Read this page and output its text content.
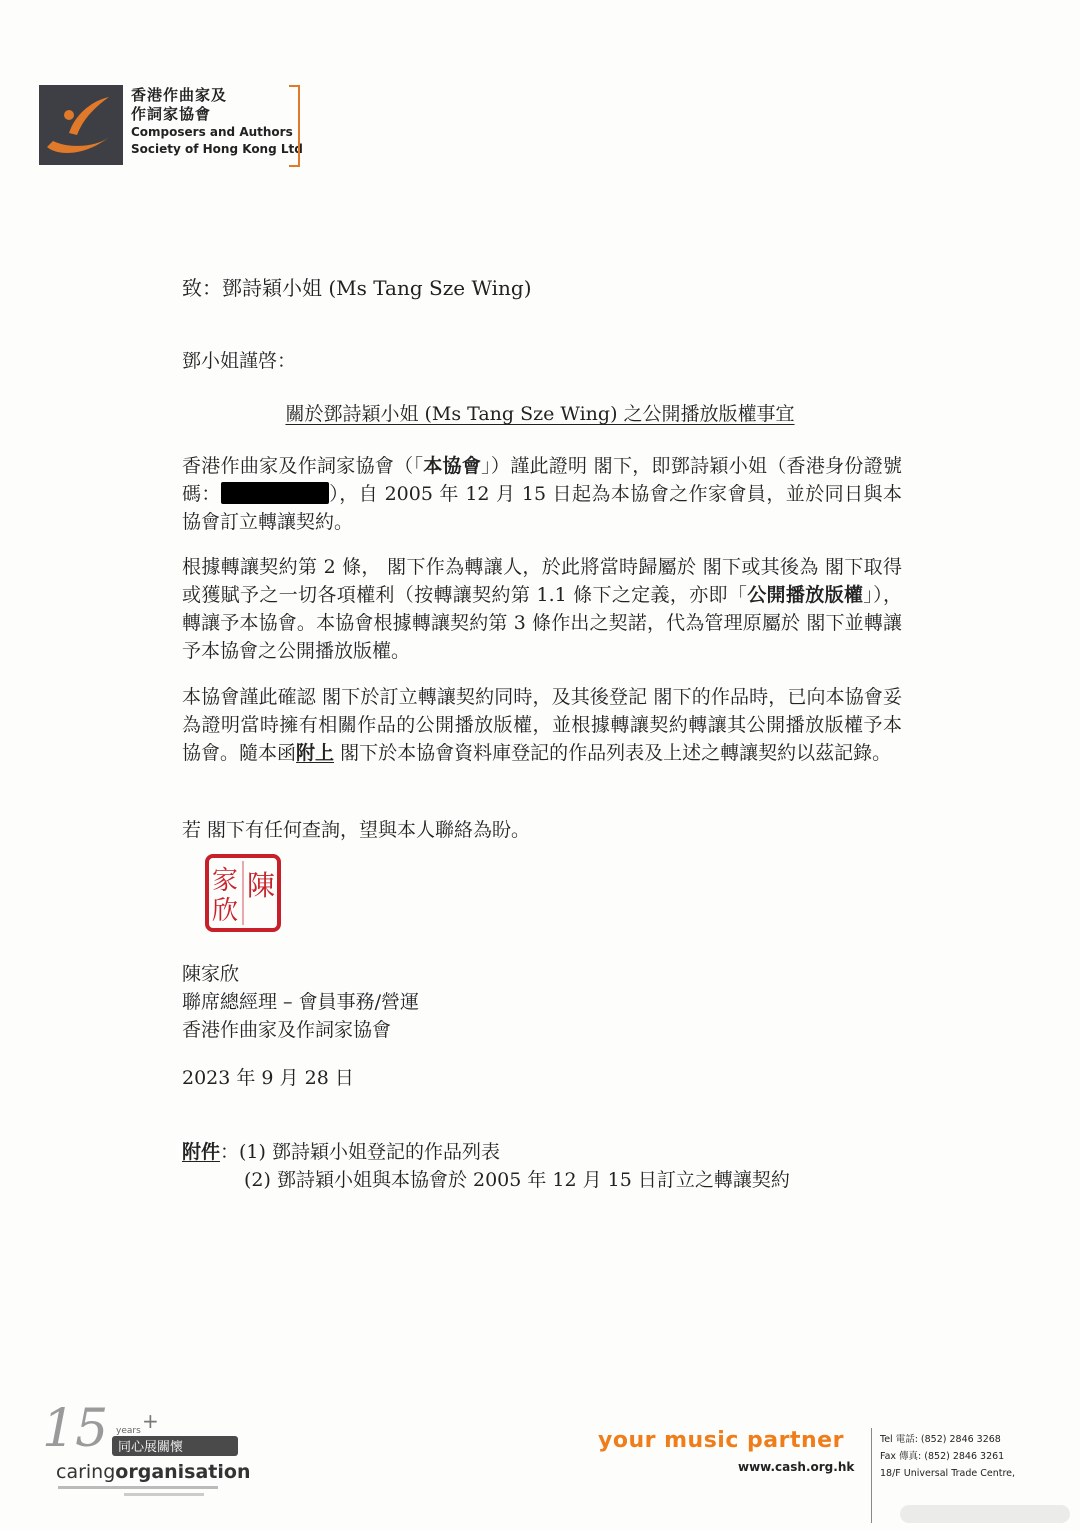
香港作曲家及
作詞家協會
Composers and Authors
Society of Hong Kong Ltd
致：鄧詩穎小姐 (Ms Tang Sze Wing)
鄧小姐謹啓：
關於鄧詩穎小姐 (Ms Tang Sze Wing) 之公開播放版權事宜
香港作曲家及作詞家協會（「本協會」）謹此證明 閣下，即鄧詩穎小姐（香港身份證號碼：	），自 2005 年 12 月 15 日起為本協會之作家會員，並於同日與本協會訂立轉讓契約。
根據轉讓契約第 2 條， 閣下作為轉讓人，於此將當時歸屬於 閣下或其後為 閣下取得或獲賦予之一切各項權利（按轉讓契約第 1.1 條下之定義，亦即「公開播放版權」），轉讓予本協會。本協會根據轉讓契約第 3 條作出之契諾，代為管理原屬於 閣下並轉讓予本協會之公開播放版權。
本協會謹此確認 閣下於訂立轉讓契約同時，及其後登記 閣下的作品時，已向本協會妥為證明當時擁有相關作品的公開播放版權，並根據轉讓契約轉讓其公開播放版權予本協會。隨本函附上 閣下於本協會資料庫登記的作品列表及上述之轉讓契約以茲記錄。
若 閣下有任何查詢，望與本人聯絡為盼。
陳
家
欣
陳家欣
聯席總經理 – 會員事務/營運
香港作曲家及作詞家協會
2023 年 9 月 28 日
附件：(1) 鄧詩穎小姐登記的作品列表
(2) 鄧詩穎小姐與本協會於 2005 年 12 月 15 日訂立之轉讓契約
15 years +
同心展關懷
caringorganisation
your music partner
www.cash.org.hk
Tel 電話: (852) 2846 3268
Fax 傳真: (852) 2846 3261
18/F Universal Trade Centre,
